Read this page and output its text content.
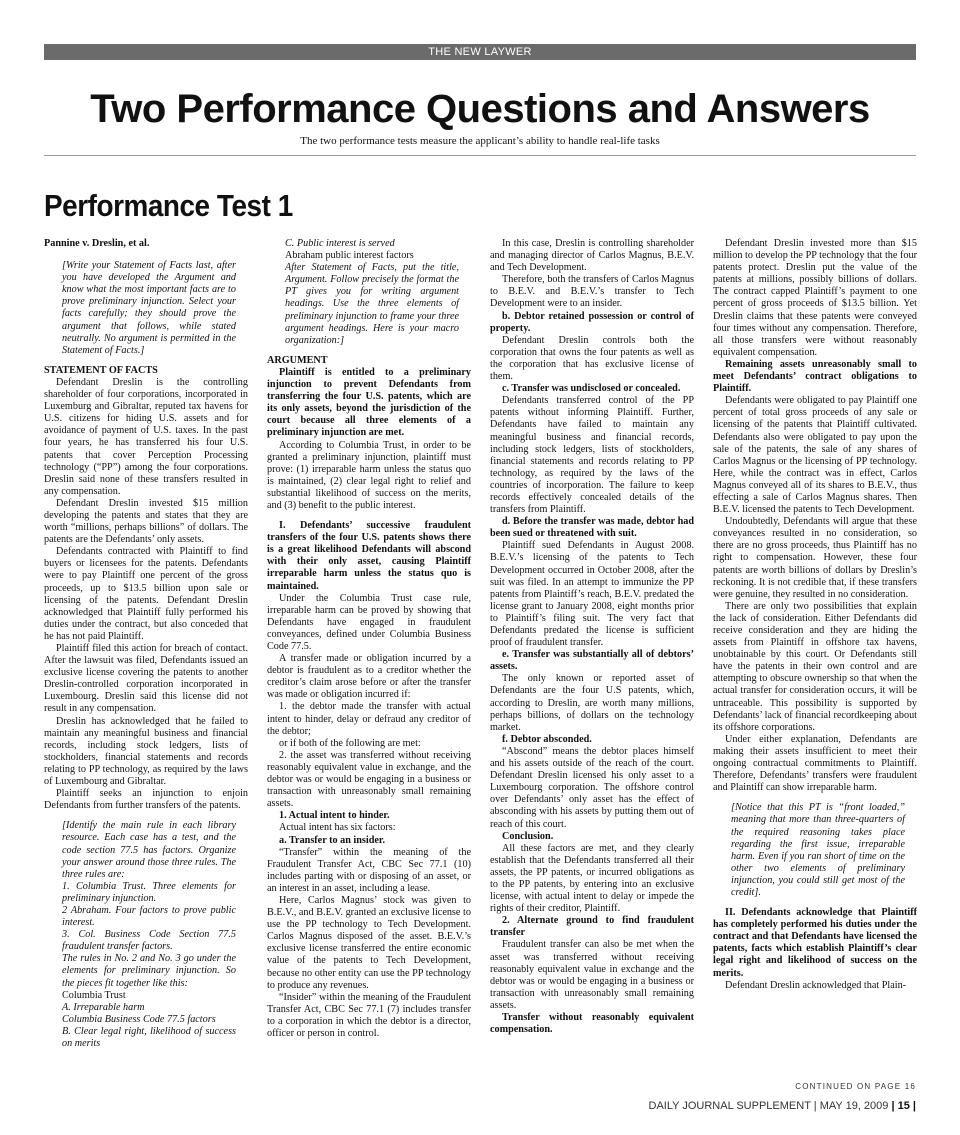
THE NEW LAYWER
Two Performance Questions and Answers
The two performance tests measure the applicant’s ability to handle real-life tasks
Performance Test 1

Pannine v. Dreslin, et al.

[Write your Statement of Facts last, after you have developed the Argument and know what the most important facts are to prove preliminary injunction. Select your facts carefully; they should prove the argument that follows, while stated neutrally. No argument is permitted in the Statement of Facts.]

STATEMENT OF FACTS

Defendant Dreslin is the controlling shareholder of four corporations, incorporated in Luxemburg and Gibraltar, reputed tax havens for U.S. citizens for hiding U.S. assets and for avoidance of payment of U.S. taxes. In the past four years, he has transferred his four U.S. patents that cover Perception Processing technology (“PP”) among the four corporations. Dreslin said none of these transfers resulted in any compensation.

Defendant Dreslin invested $15 million developing the patents and states that they are worth “millions, perhaps billions” of dollars. The patents are the Defendants’ only assets.

Defendants contracted with Plaintiff to find buyers or licensees for the patents. Defendants were to pay Plaintiff one percent of the gross proceeds, up to $13.5 billion upon sale or licensing of the patents. Defendant Dreslin acknowledged that Plaintiff fully performed his duties under the contract, but also conceded that he has not paid Plaintiff.

Plaintiff filed this action for breach of contact. After the lawsuit was filed, Defendants issued an exclusive license covering the patents to another Dreslin-controlled corporation incorporated in Luxembourg. Dreslin said this license did not result in any compensation.

Dreslin has acknowledged that he failed to maintain any meaningful business and financial records, including stock ledgers, lists of stockholders, financial statements and records relating to PP technology, as required by the laws of Luxembourg and Gibraltar.

Plaintiff seeks an injunction to enjoin Defendants from further transfers of the patents.

[Identify the main rule in each library resource. Each case has a test, and the code section 77.5 has factors. Organize your answer around those three rules. The three rules are:

1. Columbia Trust. Three elements for preliminary injunction.

2 Abraham. Four factors to prove public interest.

3. Col. Business Code Section 77.5 fraudulent transfer factors.

The rules in No. 2 and No. 3 go under the elements for preliminary injunction. So the pieces fit together like this:

Columbia Trust

A. Irreparable harm

Columbia Business Code 77.5 factors

B. Clear legal right, likelihood of success on merits

C. Public interest is served

Abraham public interest factors

After Statement of Facts, put the title, Argument. Follow precisely the format the PT gives you for writing argument headings. Use the three elements of preliminary injunction to frame your three argument headings. Here is your macro organization:]

ARGUMENT

Plaintiff is entitled to a preliminary injunction to prevent Defendants from transferring the four U.S. patents, which are its only assets, beyond the jurisdiction of the court because all three elements of a preliminary injunction are met.

According to Columbia Trust, in order to be granted a preliminary injunction, plaintiff must prove: (1) irreparable harm unless the status quo is maintained, (2) clear legal right to relief and substantial likelihood of success on the merits, and (3) benefit to the public interest.

I. Defendants’ successive fraudulent transfers of the four U.S. patents shows there is a great likelihood Defendants will abscond with their only asset, causing Plaintiff irreparable harm unless the status quo is maintained.

Under the Columbia Trust case rule, irreparable harm can be proved by showing that Defendants have engaged in fraudulent conveyances, defined under Columbia Business Code 77.5.

A transfer made or obligation incurred by a debtor is fraudulent as to a creditor whether the creditor’s claim arose before or after the transfer was made or obligation incurred if:

1. the debtor made the transfer with actual intent to hinder, delay or defraud any creditor of the debtor;

or if both of the following are met:

2. the asset was transferred without receiving reasonably equivalent value in exchange, and the debtor was or would be engaging in a business or transaction with unreasonably small remaining assets.

1. Actual intent to hinder.

Actual intent has six factors:

a. Transfer to an insider.

“Transfer” within the meaning of the Fraudulent Transfer Act, CBC Sec 77.1 (10) includes parting with or disposing of an asset, or an interest in an asset, including a lease.

Here, Carlos Magnus’ stock was given to B.E.V., and B.E.V. granted an exclusive license to use the PP technology to Tech Development. Carlos Magnus disposed of the asset. B.E.V.’s exclusive license transferred the entire economic value of the patents to Tech Development, because no other entity can use the PP technology to produce any revenues.

“Insider” within the meaning of the Fraudulent Transfer Act, CBC Sec 77.1 (7) includes transfer to a corporation in which the debtor is a director, officer or person in control.

In this case, Dreslin is controlling shareholder and managing director of Carlos Magnus, B.E.V. and Tech Development.

Therefore, both the transfers of Carlos Magnus to B.E.V. and B.E.V.’s transfer to Tech Development were to an insider.

b. Debtor retained possession or control of property.

Defendant Dreslin controls both the corporation that owns the four patents as well as the corporation that has exclusive license of them.

c. Transfer was undisclosed or concealed.

Defendants transferred control of the PP patents without informing Plaintiff. Further, Defendants have failed to maintain any meaningful business and financial records, including stock ledgers, lists of stockholders, financial statements and records relating to PP technology, as required by the laws of the countries of incorporation. The failure to keep records effectively concealed details of the transfers from Plaintiff.

d. Before the transfer was made, debtor had been sued or threatened with suit.

Plaintiff sued Defendants in August 2008. B.E.V.’s licensing of the patents to Tech Development occurred in October 2008, after the suit was filed. In an attempt to immunize the PP patents from Plaintiff’s reach, B.E.V. predated the license grant to January 2008, eight months prior to Plaintiff’s filing suit. The very fact that Defendants predated the license is sufficient proof of fraudulent transfer.

e. Transfer was substantially all of debtors’ assets.

The only known or reported asset of Defendants are the four U.S patents, which, according to Dreslin, are worth many millions, perhaps billions, of dollars on the technology market.

f. Debtor absconded.

“Abscond” means the debtor places himself and his assets outside of the reach of the court. Defendant Dreslin licensed his only asset to a Luxembourg corporation. The offshore control over Defendants’ only asset has the effect of absconding with his assets by putting them out of reach of this court.

Conclusion.

All these factors are met, and they clearly establish that the Defendants transferred all their assets, the PP patents, or incurred obligations as to the PP patents, by entering into an exclusive license, with actual intent to delay or impede the rights of their creditor, Plaintiff.

2. Alternate ground to find fraudulent transfer

Fraudulent transfer can also be met when the asset was transferred without receiving reasonably equivalent value in exchange and the debtor was or would be engaging in a business or transaction with unreasonably small remaining assets.

Transfer without reasonably equivalent compensation.

Defendant Dreslin invested more than $15 million to develop the PP technology that the four patents protect. Dreslin put the value of the patents at millions, possibly billions of dollars. The contract capped Plaintiff’s payment to one percent of gross proceeds of $13.5 billion. Yet Dreslin claims that these patents were conveyed four times without any compensation. Therefore, all those transfers were without reasonably equivalent compensation.

Remaining assets unreasonably small to meet Defendants’ contract obligations to Plaintiff.

Defendants were obligated to pay Plaintiff one percent of total gross proceeds of any sale or licensing of the patents that Plaintiff cultivated. Defendants also were obligated to pay upon the sale of the patents, the sale of any shares of Carlos Magnus or the licensing of PP technology. Here, while the contract was in effect, Carlos Magnus conveyed all of its shares to B.E.V., thus effecting a sale of Carlos Magnus shares. Then B.E.V. licensed the patents to Tech Development.

Undoubtedly, Defendants will argue that these conveyances resulted in no consideration, so there are no gross proceeds, thus Plaintiff has no right to compensation. However, these four patents are worth billions of dollars by Dreslin’s reckoning. It is not credible that, if these transfers were genuine, they resulted in no consideration.

There are only two possibilities that explain the lack of consideration. Either Defendants did receive consideration and they are hiding the assets from Plaintiff in offshore tax havens, unobtainable by this court. Or Defendants still have the patents in their own control and are attempting to obscure ownership so that when the actual transfer for consideration occurs, it will be untraceable. This possibility is supported by Defendants’ lack of financial recordkeeping about its offshore corporations.

Under either explanation, Defendants are making their assets insufficient to meet their ongoing contractual commitments to Plaintiff. Therefore, Defendants’ transfers were fraudulent and Plaintiff can show irreparable harm.

[Notice that this PT is “front loaded,” meaning that more than three-quarters of the required reasoning takes place regarding the first issue, irreparable harm. Even if you ran short of time on the other two elements of preliminary injunction, you could still get most of the credit].

II. Defendants acknowledge that Plaintiff has completely performed his duties under the contract and that Defendants have licensed the patents, facts which establish Plaintiff’s clear legal right and likelihood of success on the merits.

Defendant Dreslin acknowledged that Plain-

CONTINUED ON PAGE 16
DAILY JOURNAL SUPPLEMENT | MAY 19, 2009 | 15 |
